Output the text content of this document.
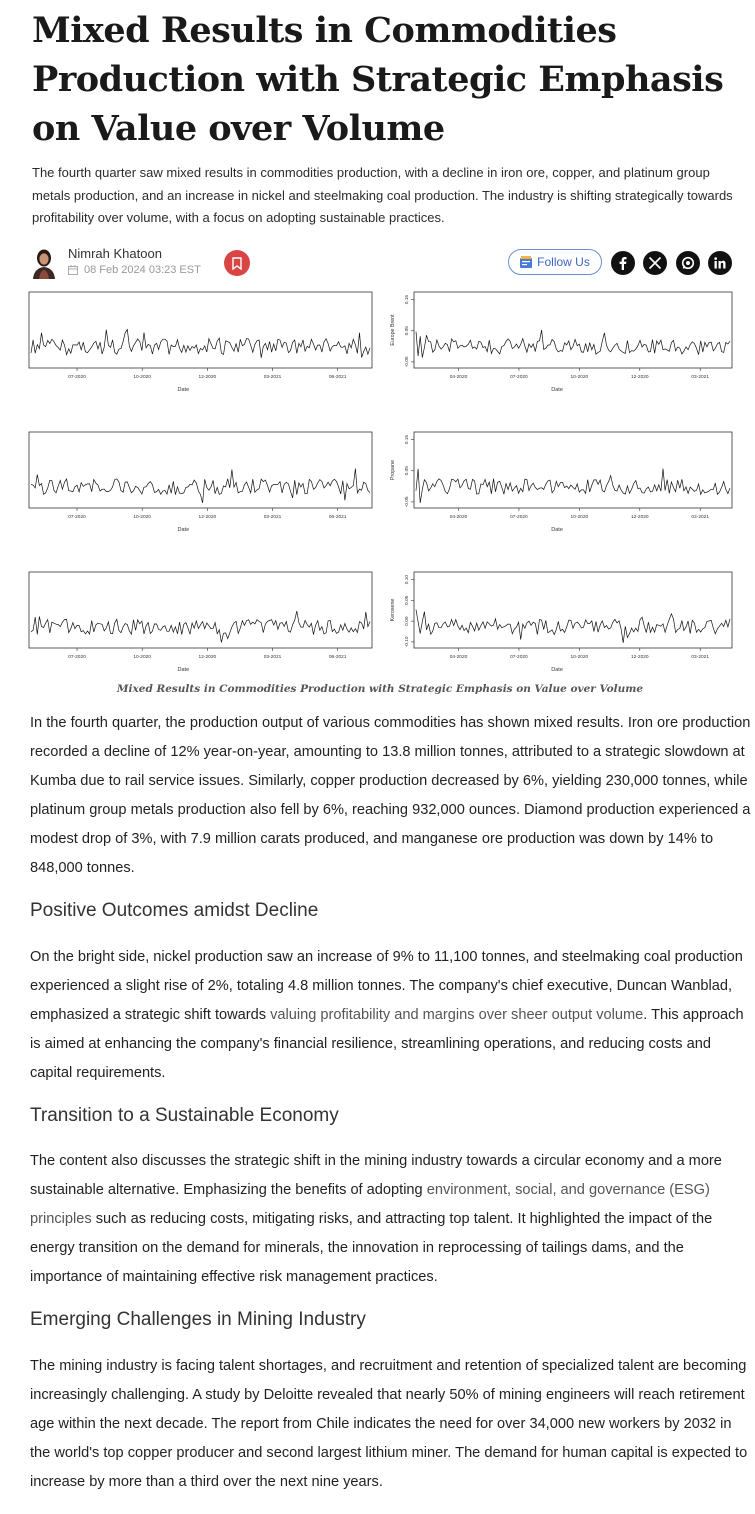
Mixed Results in Commodities Production with Strategic Emphasis on Value over Volume

The fourth quarter saw mixed results in commodities production, with a decline in iron ore, copper, and platinum group metals production, and an increase in nickel and steelmaking coal production. The industry is shifting strategically towards profitability over volume, with a focus on adopting sustainable practices.

Nimrah Khatoon
08 Feb 2024 03:23 EST
Follow Us
07-2020	10-2020	12-2020	03-2021	06-2021
Date
04-2020	07-2020	10-2020	12-2020	03-2021
Date
-0.05
0.05
0.15
Europe Brent
07-2020	10-2020	12-2020	03-2021	06-2021
Date
04-2020	07-2020	10-2020	12-2020	03-2021
Date
-0.05
0.05
0.15
Propane
07-2020	10-2020	12-2020	03-2021	06-2021
Date
04-2020	07-2020	10-2020	12-2020	03-2021
Date
-0.10
0.00
0.05
0.10
Kerosene
Mixed Results in Commodities Production with Strategic Emphasis on Value over Volume

In the fourth quarter, the production output of various commodities has shown mixed results. Iron ore production recorded a decline of 12% year-on-year, amounting to 13.8 million tonnes, attributed to a strategic slowdown at Kumba due to rail service issues. Similarly, copper production decreased by 6%, yielding 230,000 tonnes, while platinum group metals production also fell by 6%, reaching 932,000 ounces. Diamond production experienced a modest drop of 3%, with 7.9 million carats produced, and manganese ore production was down by 14% to 848,000 tonnes.

Positive Outcomes amidst Decline

On the bright side, nickel production saw an increase of 9% to 11,100 tonnes, and steelmaking coal production experienced a slight rise of 2%, totaling 4.8 million tonnes. The company's chief executive, Duncan Wanblad, emphasized a strategic shift towards valuing profitability and margins over sheer output volume. This approach is aimed at enhancing the company's financial resilience, streamlining operations, and reducing costs and capital requirements.

Transition to a Sustainable Economy

The content also discusses the strategic shift in the mining industry towards a circular economy and a more sustainable alternative. Emphasizing the benefits of adopting environment, social, and governance (ESG) principles such as reducing costs, mitigating risks, and attracting top talent. It highlighted the impact of the energy transition on the demand for minerals, the innovation in reprocessing of tailings dams, and the importance of maintaining effective risk management practices.

Emerging Challenges in Mining Industry

The mining industry is facing talent shortages, and recruitment and retention of specialized talent are becoming increasingly challenging. A study by Deloitte revealed that nearly 50% of mining engineers will reach retirement age within the next decade. The report from Chile indicates the need for over 34,000 new workers by 2032 in the world's top copper producer and second largest lithium miner. The demand for human capital is expected to increase by more than a third over the next nine years.
